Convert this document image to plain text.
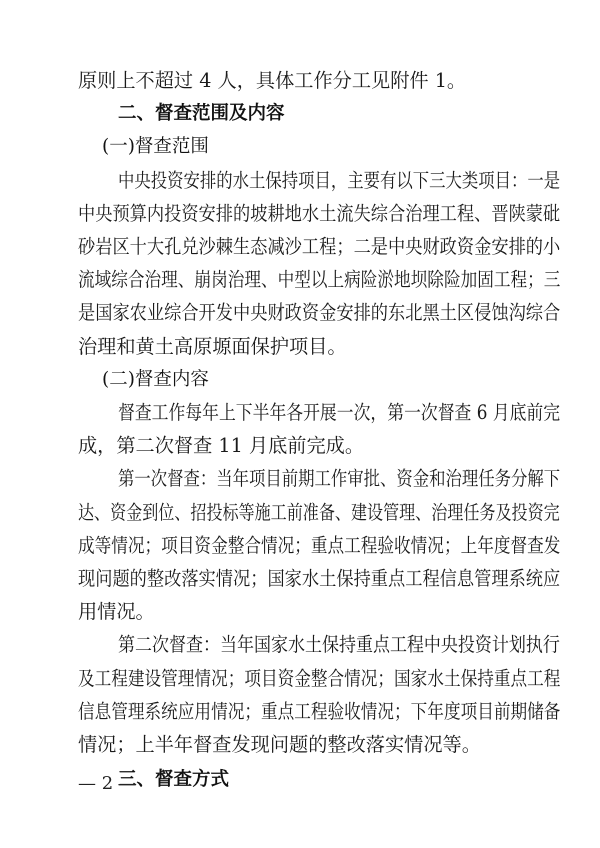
原则上不超过 4 人，具体工作分工见附件 1。
二、督查范围及内容
(一)督查范围
中央投资安排的水土保持项目，主要有以下三大类项目：一是
中央预算内投资安排的坡耕地水土流失综合治理工程、晋陕蒙砒
砂岩区十大孔兑沙棘生态减沙工程；二是中央财政资金安排的小
流域综合治理、崩岗治理、中型以上病险淤地坝除险加固工程；三
是国家农业综合开发中央财政资金安排的东北黑土区侵蚀沟综合
治理和黄土高原塬面保护项目。
(二)督查内容
督查工作每年上下半年各开展一次，第一次督查 6 月底前完
成，第二次督查 11 月底前完成。
第一次督查：当年项目前期工作审批、资金和治理任务分解下
达、资金到位、招投标等施工前准备、建设管理、治理任务及投资完
成等情况；项目资金整合情况；重点工程验收情况；上年度督查发
现问题的整改落实情况；国家水土保持重点工程信息管理系统应
用情况。
第二次督查：当年国家水土保持重点工程中央投资计划执行
及工程建设管理情况；项目资金整合情况；国家水土保持重点工程
信息管理系统应用情况；重点工程验收情况；下年度项目前期储备
情况；上半年督查发现问题的整改落实情况等。
三、督查方式
— 2 —
